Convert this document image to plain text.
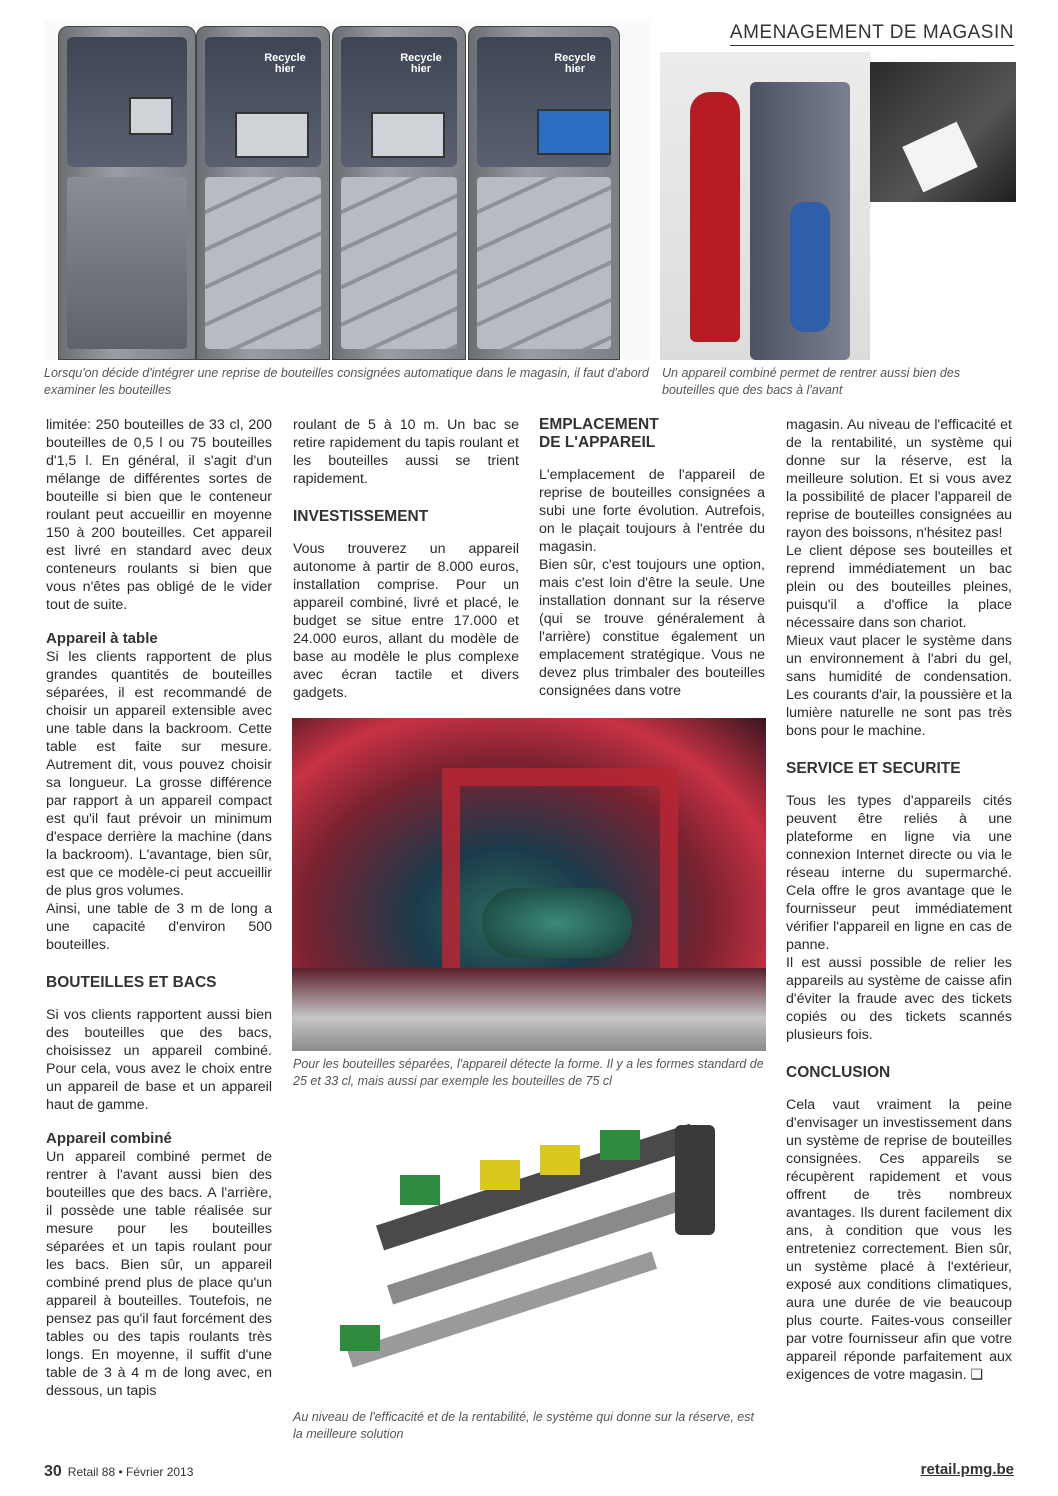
AMENAGEMENT DE MAGASIN
Recycle hier
Recycle hier
Recycle hier
Lorsqu'on décide d'intégrer une reprise de bouteilles consignées automatique dans le magasin, il faut d'abord examiner les bouteilles
Un appareil combiné permet de rentrer aussi bien des bouteilles que des bacs à l'avant

limitée: 250 bouteilles de 33 cl, 200 bouteilles de 0,5 l ou 75 bouteilles d'1,5 l. En général, il s'agit d'un mélange de différentes sortes de bouteille si bien que le conteneur roulant peut accueillir en moyenne 150 à 200 bouteilles. Cet appareil est livré en standard avec deux conteneurs roulants si bien que vous n'êtes pas obligé de le vider tout de suite.

Appareil à table

Si les clients rapportent de plus grandes quantités de bouteilles séparées, il est recommandé de choisir un appareil extensible avec une table dans la backroom. Cette table est faite sur mesure. Autrement dit, vous pouvez choisir sa longueur. La grosse différence par rapport à un appareil compact est qu'il faut prévoir un minimum d'espace derrière la machine (dans la backroom). L'avantage, bien sûr, est que ce modèle-ci peut accueillir de plus gros volumes.

Ainsi, une table de 3 m de long a une capacité d'environ 500 bouteilles.

BOUTEILLES ET BACS

Si vos clients rapportent aussi bien des bouteilles que des bacs, choisissez un appareil combiné. Pour cela, vous avez le choix entre un appareil de base et un appareil haut de gamme.

Appareil combiné

Un appareil combiné permet de rentrer à l'avant aussi bien des bouteilles que des bacs. A l'arrière, il possède une table réalisée sur mesure pour les bouteilles séparées et un tapis roulant pour les bacs. Bien sûr, un appareil combiné prend plus de place qu'un appareil à bouteilles. Toutefois, ne pensez pas qu'il faut forcément des tables ou des tapis roulants très longs. En moyenne, il suffit d'une table de 3 à 4 m de long avec, en dessous, un tapis

roulant de 5 à 10 m. Un bac se retire rapidement du tapis roulant et les bouteilles aussi se trient rapidement.

INVESTISSEMENT

Vous trouverez un appareil autonome à partir de 8.000 euros, installation comprise. Pour un appareil combiné, livré et placé, le budget se situe entre 17.000 et 24.000 euros, allant du modèle de base au modèle le plus complexe avec écran tactile et divers gadgets.

EMPLACEMENT DE L'APPAREIL

L'emplacement de l'appareil de reprise de bouteilles consignées a subi une forte évolution. Autrefois, on le plaçait toujours à l'entrée du magasin.

Bien sûr, c'est toujours une option, mais c'est loin d'être la seule. Une installation donnant sur la réserve (qui se trouve généralement à l'arrière) constitue également un emplacement stratégique. Vous ne devez plus trimbaler des bouteilles consignées dans votre

magasin. Au niveau de l'efficacité et de la rentabilité, un système qui donne sur la réserve, est la meilleure solution. Et si vous avez la possibilité de placer l'appareil de reprise de bouteilles consignées au rayon des boissons, n'hésitez pas!

Le client dépose ses bouteilles et reprend immédiatement un bac plein ou des bouteilles pleines, puisqu'il a d'office la place nécessaire dans son chariot.

Mieux vaut placer le système dans un environnement à l'abri du gel, sans humidité de condensation. Les courants d'air, la poussière et la lumière naturelle ne sont pas très bons pour le machine.

SERVICE ET SECURITE

Tous les types d'appareils cités peuvent être reliés à une plateforme en ligne via une connexion Internet directe ou via le réseau interne du supermarché. Cela offre le gros avantage que le fournisseur peut immédiatement vérifier l'appareil en ligne en cas de panne.

Il est aussi possible de relier les appareils au système de caisse afin d'éviter la fraude avec des tickets copiés ou des tickets scannés plusieurs fois.

CONCLUSION

Cela vaut vraiment la peine d'envisager un investissement dans un système de reprise de bouteilles consignées. Ces appareils se récupèrent rapidement et vous offrent de très nombreux avantages. Ils durent facilement dix ans, à condition que vous les entreteniez correctement. Bien sûr, un système placé à l'extérieur, exposé aux conditions climatiques, aura une durée de vie beaucoup plus courte. Faites-vous conseiller par votre fournisseur afin que votre appareil réponde parfaitement aux exigences de votre magasin. ❑

Pour les bouteilles séparées, l'appareil détecte la forme. Il y a les formes standard de 25 et 33 cl, mais aussi par exemple les bouteilles de 75 cl
Au niveau de l'efficacité et de la rentabilité, le système qui donne sur la réserve, est la meilleure solution
30 Retail 88 • Février 2013	retail.pmg.be
